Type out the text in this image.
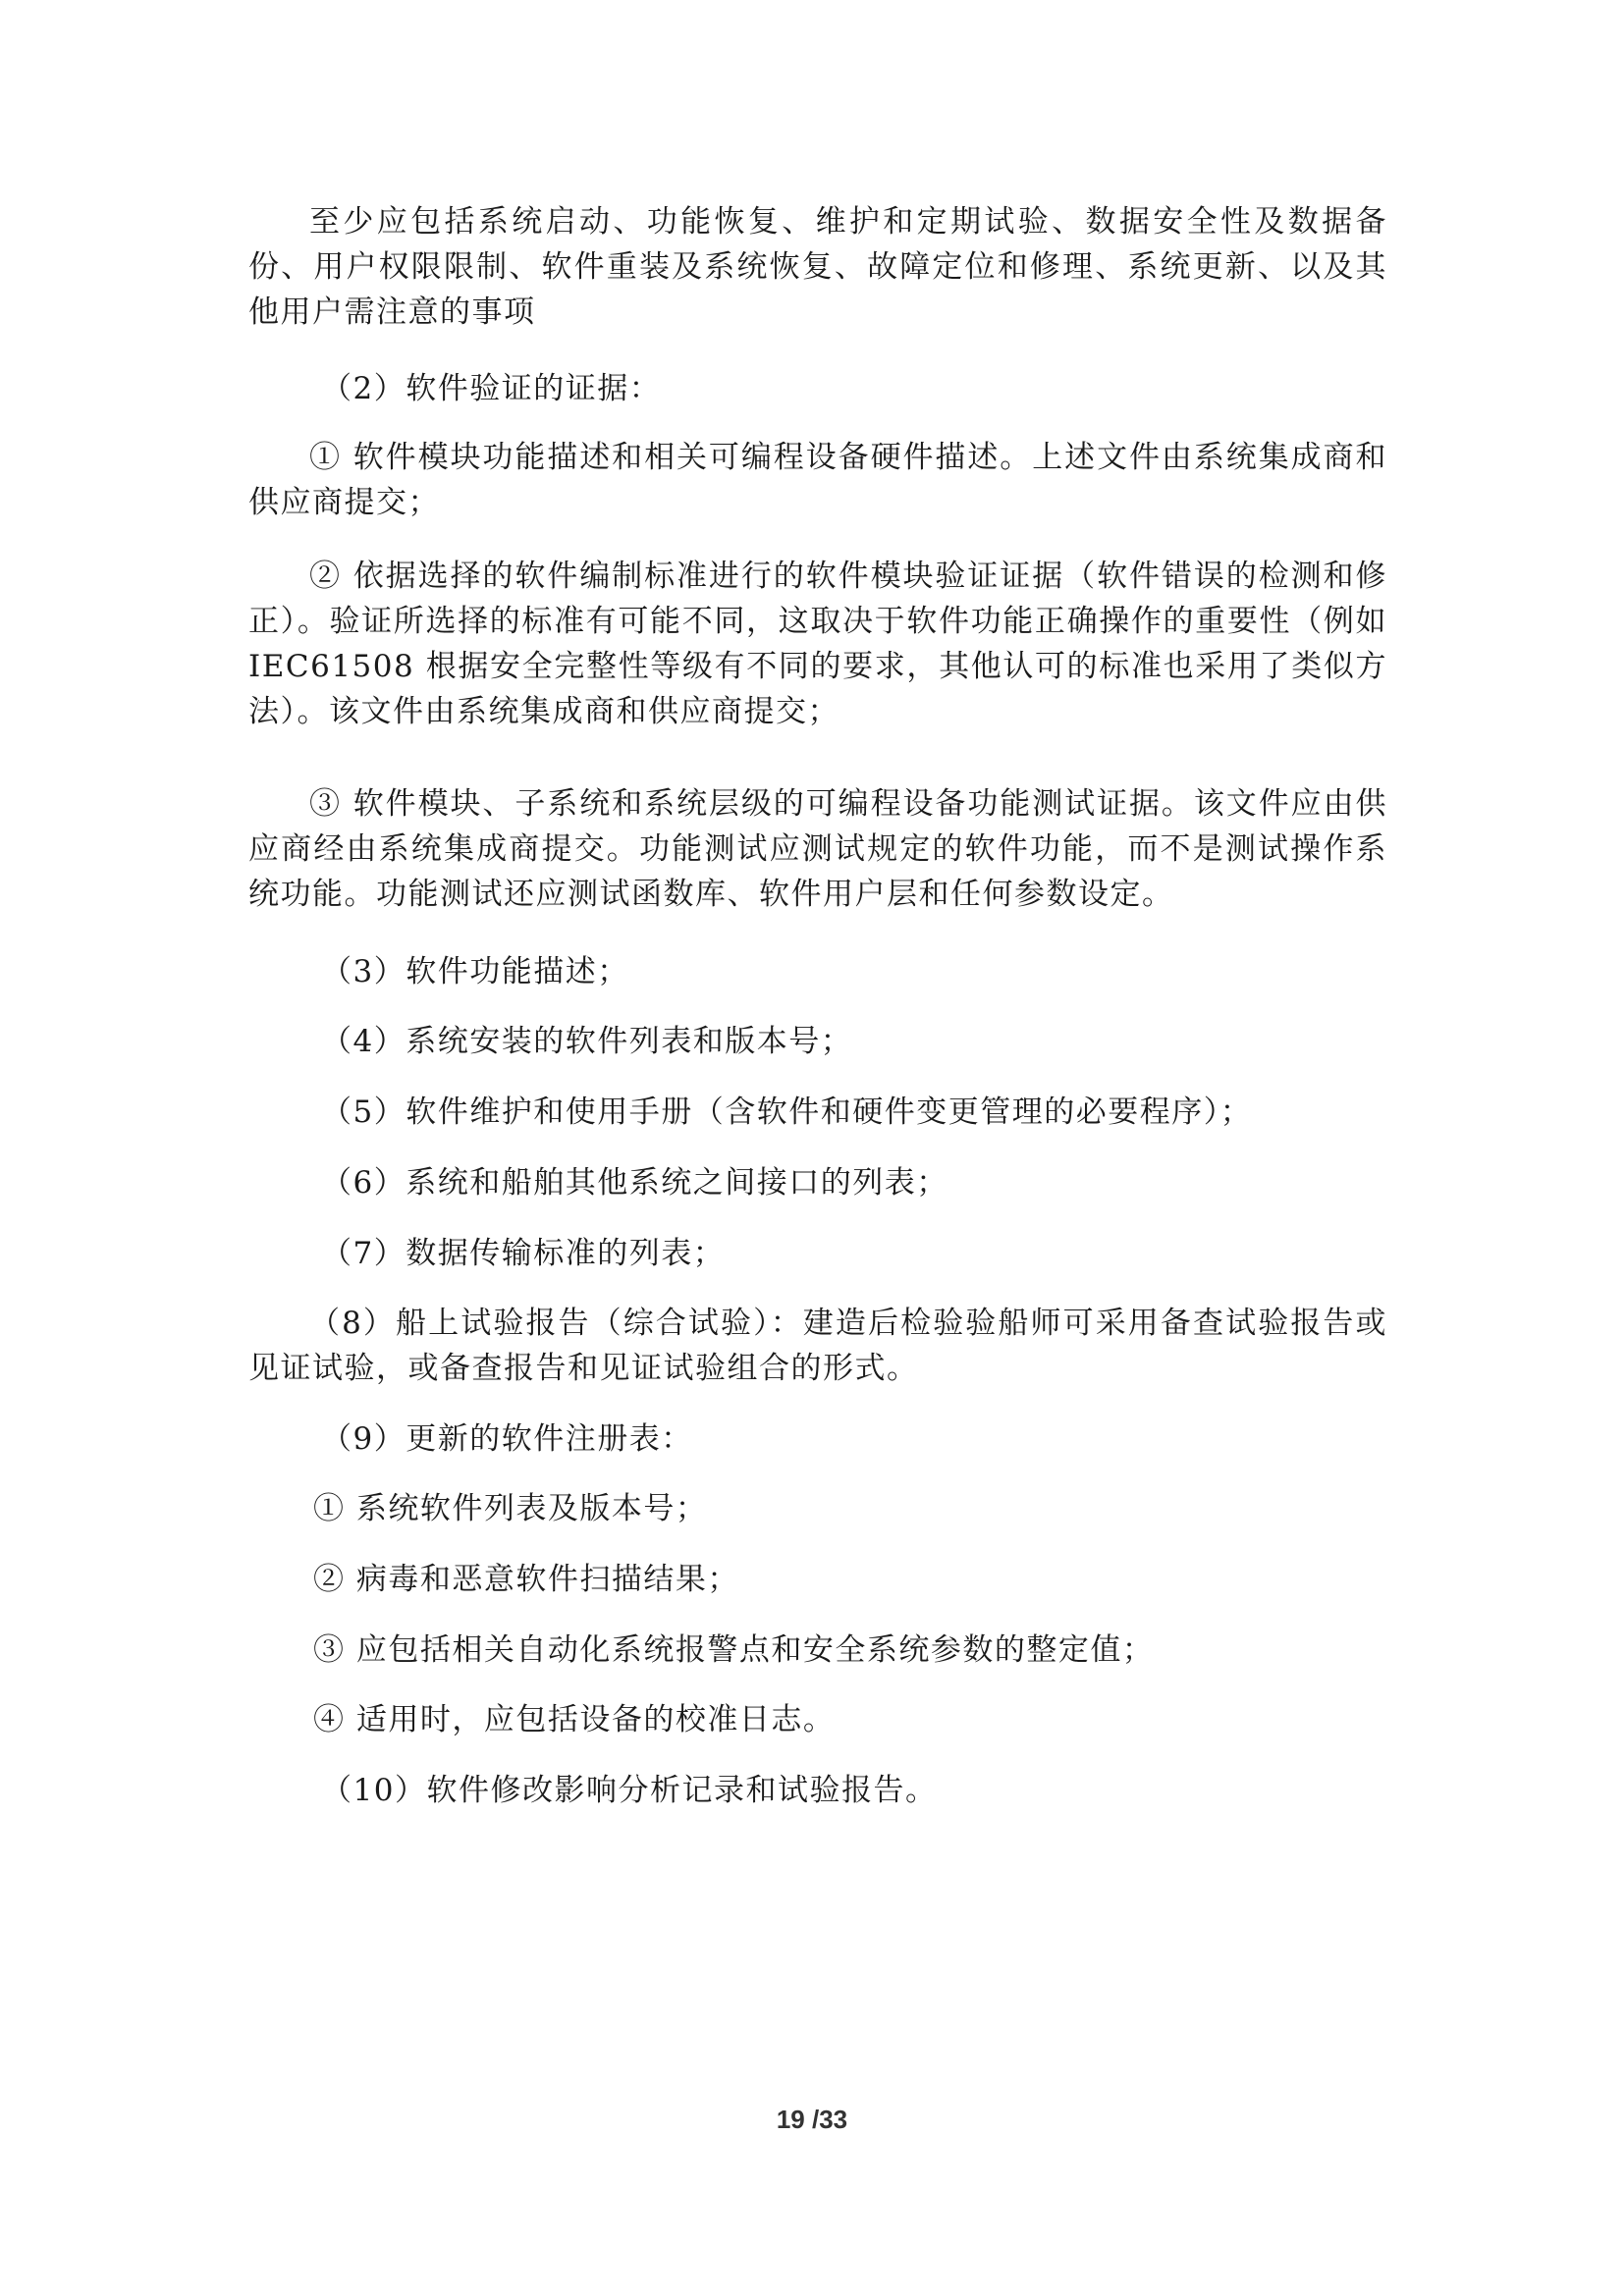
至少应包括系统启动、功能恢复、维护和定期试验、数据安全性及数据备份、用户权限限制、软件重装及系统恢复、故障定位和修理、系统更新、以及其他用户需注意的事项

（2）软件验证的证据：

① 软件模块功能描述和相关可编程设备硬件描述。上述文件由系统集成商和供应商提交；

② 依据选择的软件编制标准进行的软件模块验证证据（软件错误的检测和修正）。验证所选择的标准有可能不同，这取决于软件功能正确操作的重要性（例如 IEC61508 根据安全完整性等级有不同的要求，其他认可的标准也采用了类似方法）。该文件由系统集成商和供应商提交；

③ 软件模块、子系统和系统层级的可编程设备功能测试证据。该文件应由供应商经由系统集成商提交。功能测试应测试规定的软件功能，而不是测试操作系统功能。功能测试还应测试函数库、软件用户层和任何参数设定。

（3）软件功能描述；

（4）系统安装的软件列表和版本号；

（5）软件维护和使用手册（含软件和硬件变更管理的必要程序）；

（6）系统和船舶其他系统之间接口的列表；

（7）数据传输标准的列表；

（8）船上试验报告（综合试验）：建造后检验验船师可采用备查试验报告或见证试验，或备查报告和见证试验组合的形式。

（9）更新的软件注册表：

① 系统软件列表及版本号；

② 病毒和恶意软件扫描结果；

③ 应包括相关自动化系统报警点和安全系统参数的整定值；

④ 适用时，应包括设备的校准日志。

（10）软件修改影响分析记录和试验报告。

19 /33
